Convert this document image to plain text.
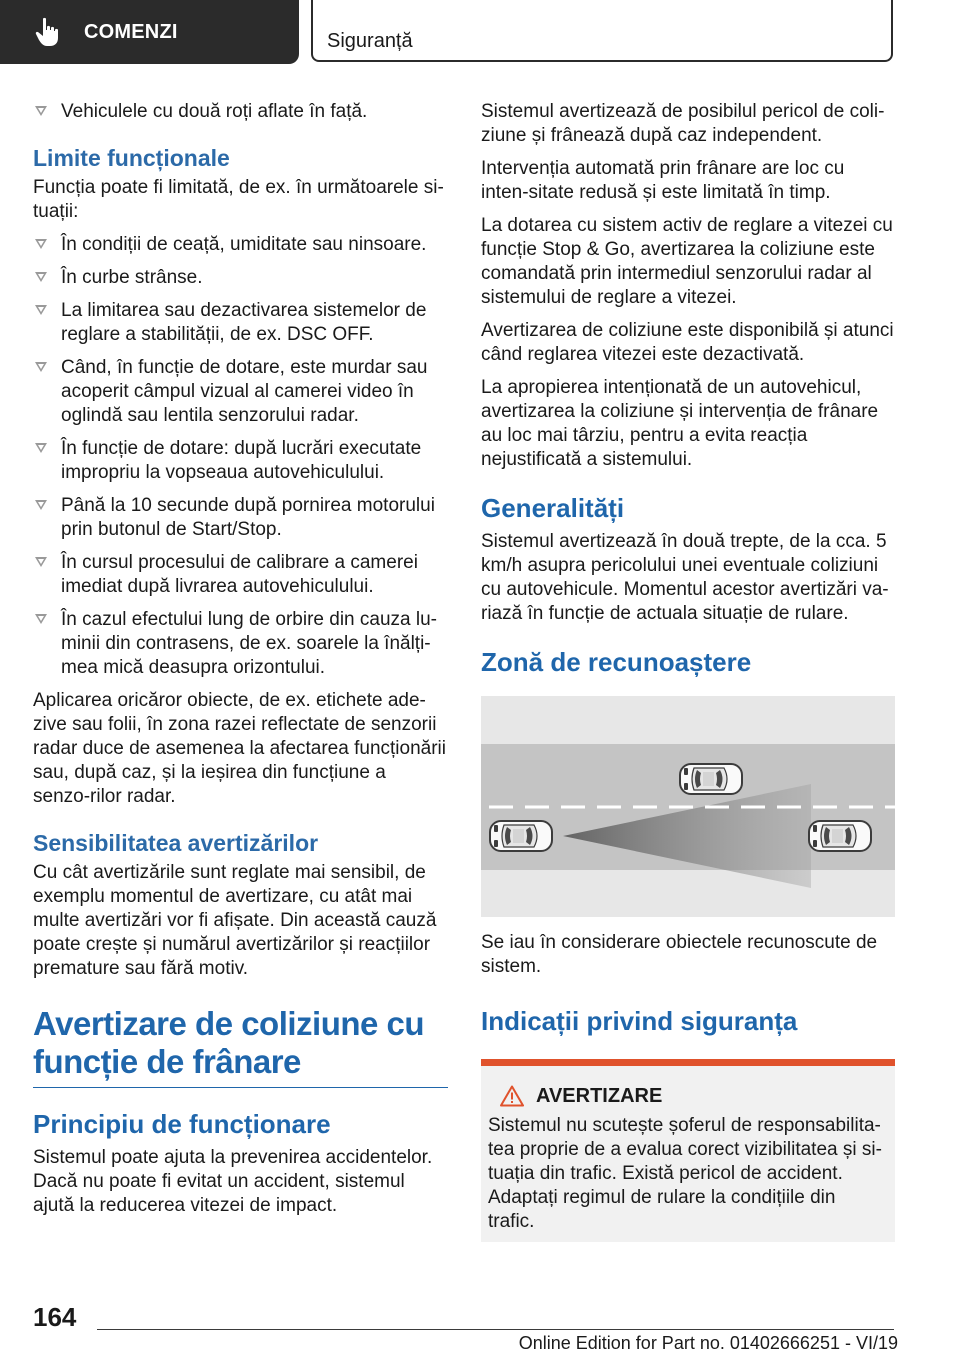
COMENZI	Siguranță
Vehiculele cu două roți aflate în față.
Limite funcționale

Funcția poate fi limitată, de ex. în următoarele si-tuații:

În condiții de ceață, umiditate sau ninsoare.
În curbe strânse.
La limitarea sau dezactivarea sistemelor de reglare a stabilității, de ex. DSC OFF.
Când, în funcție de dotare, este murdar sau acoperit câmpul vizual al camerei video în oglindă sau lentila senzorului radar.
În funcție de dotare: după lucrări executate impropriu la vopseaua autovehiculului.
Până la 10 secunde după pornirea motorului prin butonul de Start/Stop.
În cursul procesului de calibrare a camerei imediat după livrarea autovehiculului.
În cazul efectului lung de orbire din cauza lu-minii din contrasens, de ex. soarele la înălți-mea mică deasupra orizontului.

Aplicarea oricăror obiecte, de ex. etichete ade-zive sau folii, în zona razei reflectate de senzorii radar duce de asemenea la afectarea funcționării sau, după caz, și la ieșirea din funcțiune a senzo-rilor radar.

Sensibilitatea avertizărilor

Cu cât avertizările sunt reglate mai sensibil, de exemplu momentul de avertizare, cu atât mai multe avertizări vor fi afișate. Din această cauză poate crește și numărul avertizărilor și reacțiilor premature sau fără motiv.

Avertizare de coliziune cu funcție de frânare
Principiu de funcționare

Sistemul poate ajuta la prevenirea accidentelor. Dacă nu poate fi evitat un accident, sistemul ajută la reducerea vitezei de impact.

Sistemul avertizează de posibilul pericol de coli-ziune și frânează după caz independent.

Intervenția automată prin frânare are loc cu inten-sitate redusă și este limitată în timp.

La dotarea cu sistem activ de reglare a vitezei cu funcție Stop & Go, avertizarea la coliziune este comandată prin intermediul senzorului radar al sistemului de reglare a vitezei.

Avertizarea de coliziune este disponibilă și atunci când reglarea vitezei este dezactivată.

La apropierea intenționată de un autovehicul, avertizarea la coliziune și intervenția de frânare au loc mai târziu, pentru a evita reacția nejustificată a sistemului.

Generalități

Sistemul avertizează în două trepte, de la cca. 5 km/h asupra pericolului unei eventuale coliziuni cu autovehicule. Momentul acestor avertizări va-riază în funcție de actuala situație de rulare.

Zonă de recunoaștere

Se iau în considerare obiectele recunoscute de sistem.

Indicații privind siguranța
AVERTIZARE

Sistemul nu scutește șoferul de responsabilita-tea proprie de a evalua corect vizibilitatea și si-tuația din trafic. Există pericol de accident. Adaptați regimul de rulare la condițiile din trafic.

164
Online Edition for Part no. 01402666251 - VI/19
